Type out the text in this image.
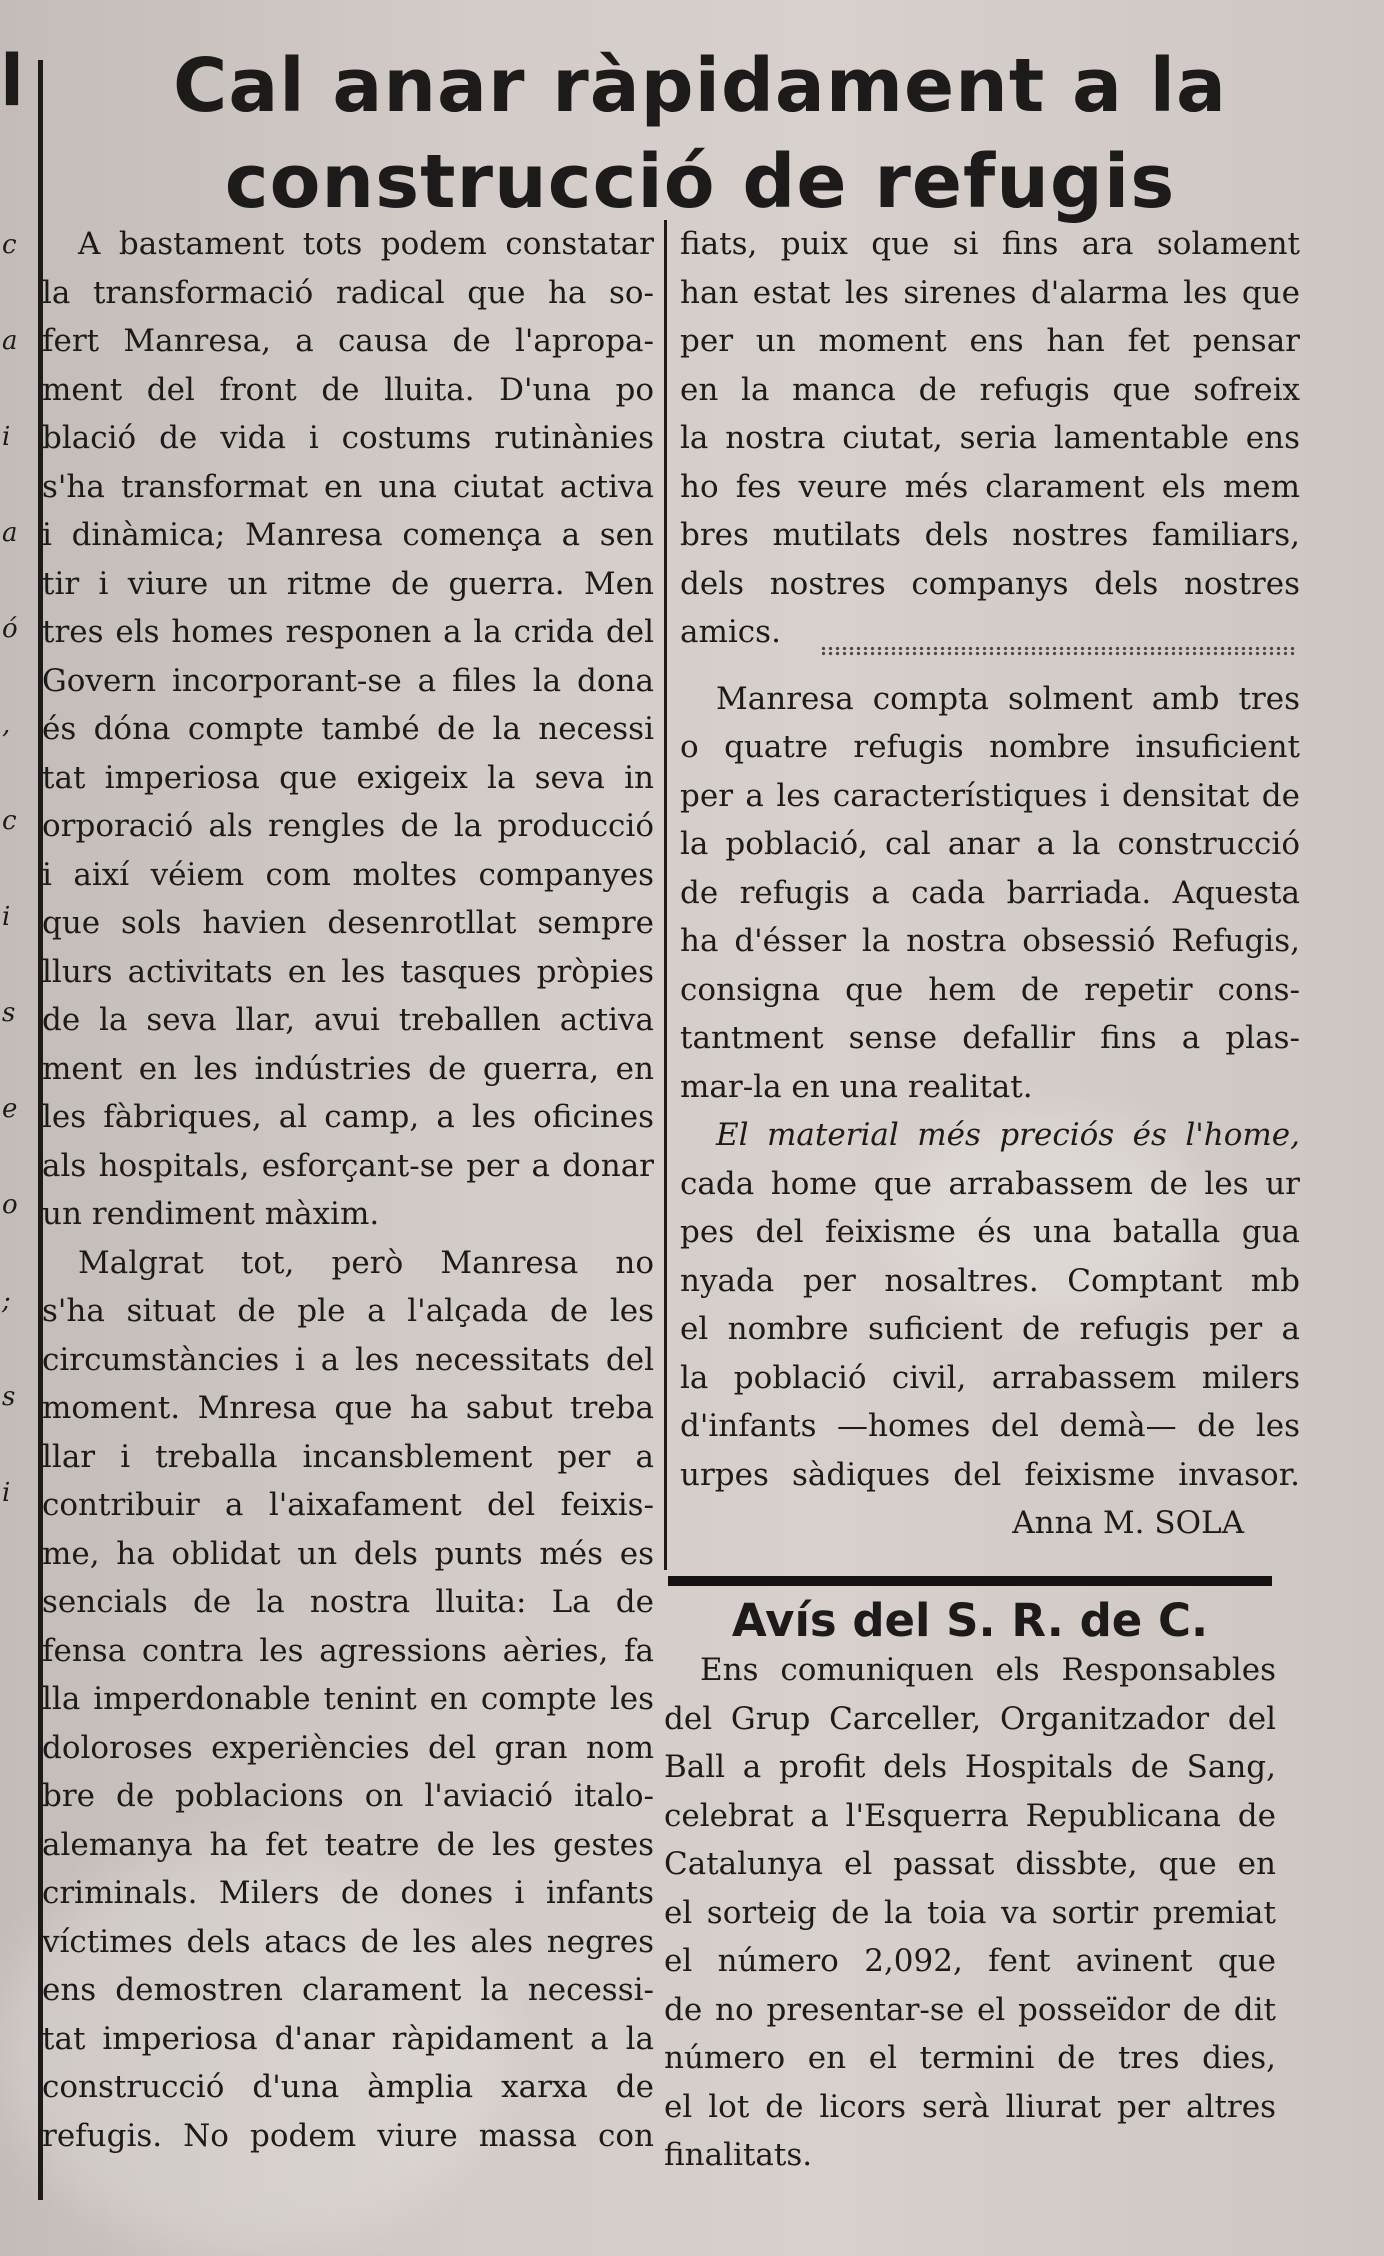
l
c
a
i
a
ó
,
c
i
s
e
o
;
s
i
Cal anar ràpidament a la
construcció de refugis
A bastament tots podem constatar
la transformació radical que ha so-
fert Manresa, a causa de l'apropa-
ment del front de lluita. D'una po
blació de vida i costums rutinànies
s'ha transformat en una ciutat activa
i dinàmica; Manresa comença a sen
tir i viure un ritme de guerra. Men
tres els homes responen a la crida del
Govern incorporant-se a files la dona
és dóna compte també de la necessi
tat imperiosa que exigeix la seva in
orporació als rengles de la producció
i així véiem com moltes companyes
que sols havien desenrotllat sempre
llurs activitats en les tasques pròpies
de la seva llar, avui treballen activa
ment en les indústries de guerra, en
les fàbriques, al camp, a les oficines
als hospitals, esforçant-se per a donar
un rendiment màxim.
Malgrat tot, però Manresa no
s'ha situat de ple a l'alçada de les
circumstàncies i a les necessitats del
moment. Mnresa que ha sabut treba
llar i treballa incansblement per a
contribuir a l'aixafament del feixis-
me, ha oblidat un dels punts més es
sencials de la nostra lluita: La de
fensa contra les agressions aèries, fa
lla imperdonable tenint en compte les
doloroses experiències del gran nom
bre de poblacions on l'aviació italo-
alemanya ha fet teatre de les gestes
criminals. Milers de dones i infants
víctimes dels atacs de les ales negres
ens demostren clarament la necessi-
tat imperiosa d'anar ràpidament a la
construcció d'una àmplia xarxa de
refugis. No podem viure massa con
fiats, puix que si fins ara solament
han estat les sirenes d'alarma les que
per un moment ens han fet pensar
en la manca de refugis que sofreix
la nostra ciutat, seria lamentable ens
ho fes veure més clarament els mem
bres mutilats dels nostres familiars,
dels nostres companys dels nostres
amics.
Manresa compta solment amb tres
o quatre refugis nombre insuficient
per a les característiques i densitat de
la població, cal anar a la construcció
de refugis a cada barriada. Aquesta
ha d'ésser la nostra obsessió Refugis,
consigna que hem de repetir cons-
tantment sense defallir fins a plas-
mar-la en una realitat.
El material més preciós és l'home,
cada home que arrabassem de les ur
pes del feixisme és una batalla gua
nyada per nosaltres. Comptant mb
el nombre suficient de refugis per a
la població civil, arrabassem milers
d'infants —homes del demà— de les
urpes sàdiques del feixisme invasor.
Anna M. SOLA
Avís del S. R. de C.
Ens comuniquen els Responsables
del Grup Carceller, Organitzador del
Ball a profit dels Hospitals de Sang,
celebrat a l'Esquerra Republicana de
Catalunya el passat dissbte, que en
el sorteig de la toia va sortir premiat
el número 2,092, fent avinent que
de no presentar-se el posseïdor de dit
número en el termini de tres dies,
el lot de licors serà lliurat per altres
finalitats.
